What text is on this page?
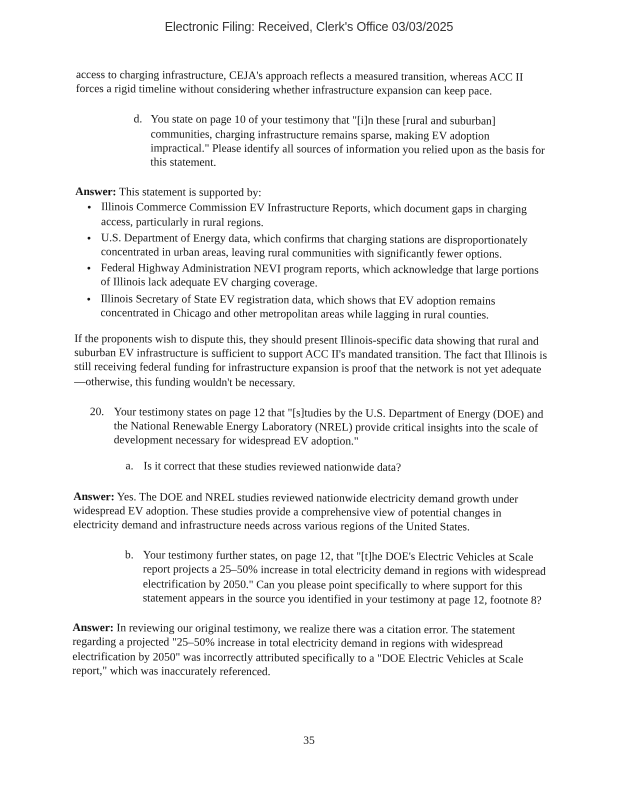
Electronic Filing: Received, Clerk's Office 03/03/2025

access to charging infrastructure, CEJA's approach reflects a measured transition, whereas ACC II forces a rigid timeline without considering whether infrastructure expansion can keep pace.

d. You state on page 10 of your testimony that "[i]n these [rural and suburban] communities, charging infrastructure remains sparse, making EV adoption impractical." Please identify all sources of information you relied upon as the basis for this statement.
Answer: This statement is supported by:
• Illinois Commerce Commission EV Infrastructure Reports, which document gaps in charging access, particularly in rural regions.
• U.S. Department of Energy data, which confirms that charging stations are disproportionately concentrated in urban areas, leaving rural communities with significantly fewer options.
• Federal Highway Administration NEVI program reports, which acknowledge that large portions of Illinois lack adequate EV charging coverage.
• Illinois Secretary of State EV registration data, which shows that EV adoption remains concentrated in Chicago and other metropolitan areas while lagging in rural counties.

If the proponents wish to dispute this, they should present Illinois-specific data showing that rural and suburban EV infrastructure is sufficient to support ACC II's mandated transition. The fact that Illinois is still receiving federal funding for infrastructure expansion is proof that the network is not yet adequate—otherwise, this funding wouldn't be necessary.

20. Your testimony states on page 12 that "[s]tudies by the U.S. Department of Energy (DOE) and the National Renewable Energy Laboratory (NREL) provide critical insights into the scale of development necessary for widespread EV adoption."
a. Is it correct that these studies reviewed nationwide data?
Answer: Yes. The DOE and NREL studies reviewed nationwide electricity demand growth under widespread EV adoption. These studies provide a comprehensive view of potential changes in electricity demand and infrastructure needs across various regions of the United States.
b. Your testimony further states, on page 12, that "[t]he DOE's Electric Vehicles at Scale report projects a 25–50% increase in total electricity demand in regions with widespread electrification by 2050." Can you please point specifically to where support for this statement appears in the source you identified in your testimony at page 12, footnote 8?
Answer: In reviewing our original testimony, we realize there was a citation error. The statement regarding a projected "25–50% increase in total electricity demand in regions with widespread electrification by 2050" was incorrectly attributed specifically to a "DOE Electric Vehicles at Scale report," which was inaccurately referenced.
35
